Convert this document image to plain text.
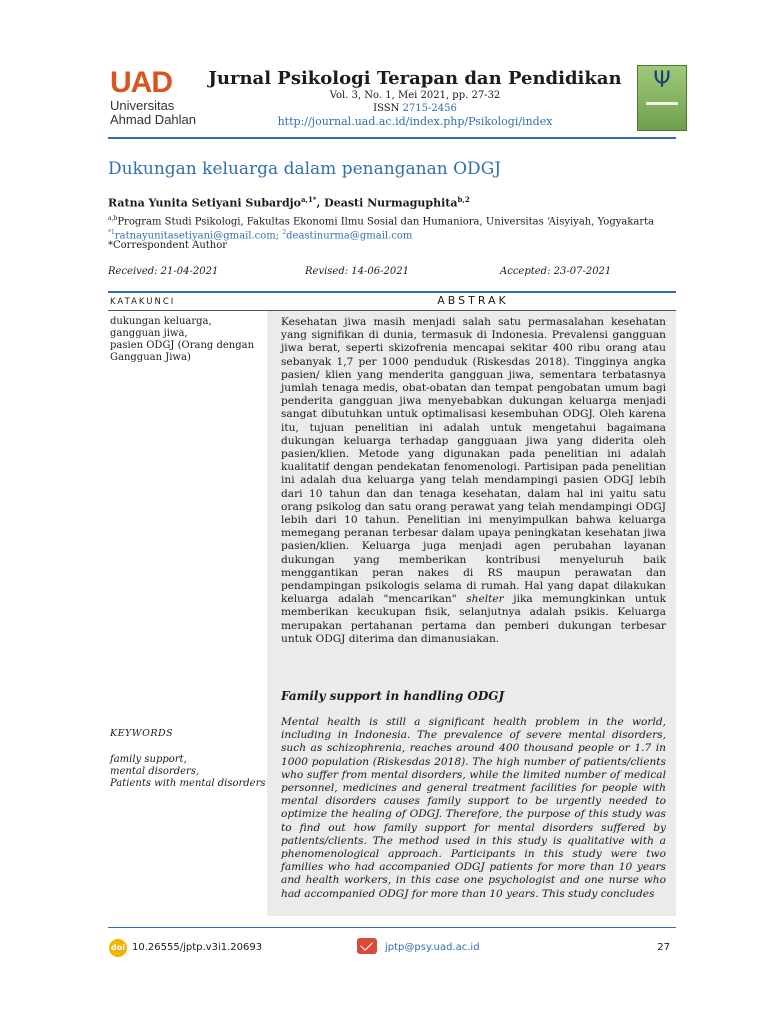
UAD
Universitas
Ahmad Dahlan
Jurnal Psikologi Terapan dan Pendidikan
Vol. 3, No. 1, Mei 2021, pp. 27-32
ISSN 2715-2456
http://journal.uad.ac.id/index.php/Psikologi/index
Ψ
Dukungan keluarga dalam penanganan ODGJ
Ratna Yunita Setiyani Subardjo$^{a,1*}$, Deasti Nurmaguphita$^{b,2}$
$^{a,b}$Program Studi Psikologi, Fakultas Ekonomi Ilmu Sosial dan Humaniora, Universitas ‘Aisyiyah, Yogyakarta
$^{*1}$ratnayunitasetiyani@gmail.com; $^2$deastinurma@gmail.com
*Correspondent Author
Received: 21-04-2021	Revised: 14-06-2021	Accepted: 23-07-2021
KATAKUNCI	ABSTRAK
dukungan keluarga,
gangguan jiwa,
pasien ODGJ (Orang dengan
Gangguan Jiwa)
Kesehatan jiwa masih menjadi salah satu permasalahan kesehatan yang signifikan di dunia, termasuk di Indonesia. Prevalensi gangguan jiwa berat, seperti skizofrenia mencapai sekitar 400 ribu orang atau sebanyak 1,7 per 1000 penduduk (Riskesdas 2018). Tingginya angka pasien/ klien yang menderita gangguan jiwa, sementara terbatasnya jumlah tenaga medis, obat-obatan dan tempat pengobatan umum bagi penderita gangguan jiwa menyebabkan dukungan keluarga menjadi sangat dibutuhkan untuk optimalisasi kesembuhan ODGJ. Oleh karena itu, tujuan penelitian ini adalah untuk mengetahui bagaimana dukungan keluarga terhadap gangguaan jiwa yang diderita oleh pasien/klien. Metode yang digunakan pada penelitian ini adalah kualitatif dengan pendekatan fenomenologi. Partisipan pada penelitian ini adalah dua keluarga yang telah mendampingi pasien ODGJ lebih dari 10 tahun dan dan tenaga kesehatan, dalam hal ini yaitu satu orang psikolog dan satu orang perawat yang telah mendampingi ODGJ lebih dari 10 tahun. Penelitian ini menyimpulkan bahwa keluarga memegang peranan terbesar dalam upaya peningkatan kesehatan jiwa pasien/klien. Keluarga juga menjadi agen perubahan layanan dukungan yang memberikan kontribusi menyeluruh baik menggantikan peran nakes di RS maupun perawatan dan pendampingan psikologis selama di rumah. Hal yang dapat dilakukan keluarga adalah "mencarikan" shelter jika memungkinkan untuk memberikan kecukupan fisik, selanjutnya adalah psikis. Keluarga merupakan pertahanan pertama dan pemberi dukungan terbesar untuk ODGJ diterima dan dimanusiakan.
Family support in handling ODGJ
Mental health is still a significant health problem in the world, including in Indonesia. The prevalence of severe mental disorders, such as schizophrenia, reaches around 400 thousand people or 1.7 in 1000 population (Riskesdas 2018). The high number of patients/clients who suffer from mental disorders, while the limited number of medical personnel, medicines and general treatment facilities for people with mental disorders causes family support to be urgently needed to optimize the healing of ODGJ. Therefore, the purpose of this study was to find out how family support for mental disorders suffered by patients/clients. The method used in this study is qualitative with a phenomenological approach. Participants in this study were two families who had accompanied ODGJ patients for more than 10 years and health workers, in this case one psychologist and one nurse who had accompanied ODGJ for more than 10 years. This study concludes
KEYWORDS
family support,
mental disorders,
Patients with mental disorders
doi 10.26555/jptp.v3i1.20693	jptp@psy.uad.ac.id	27
